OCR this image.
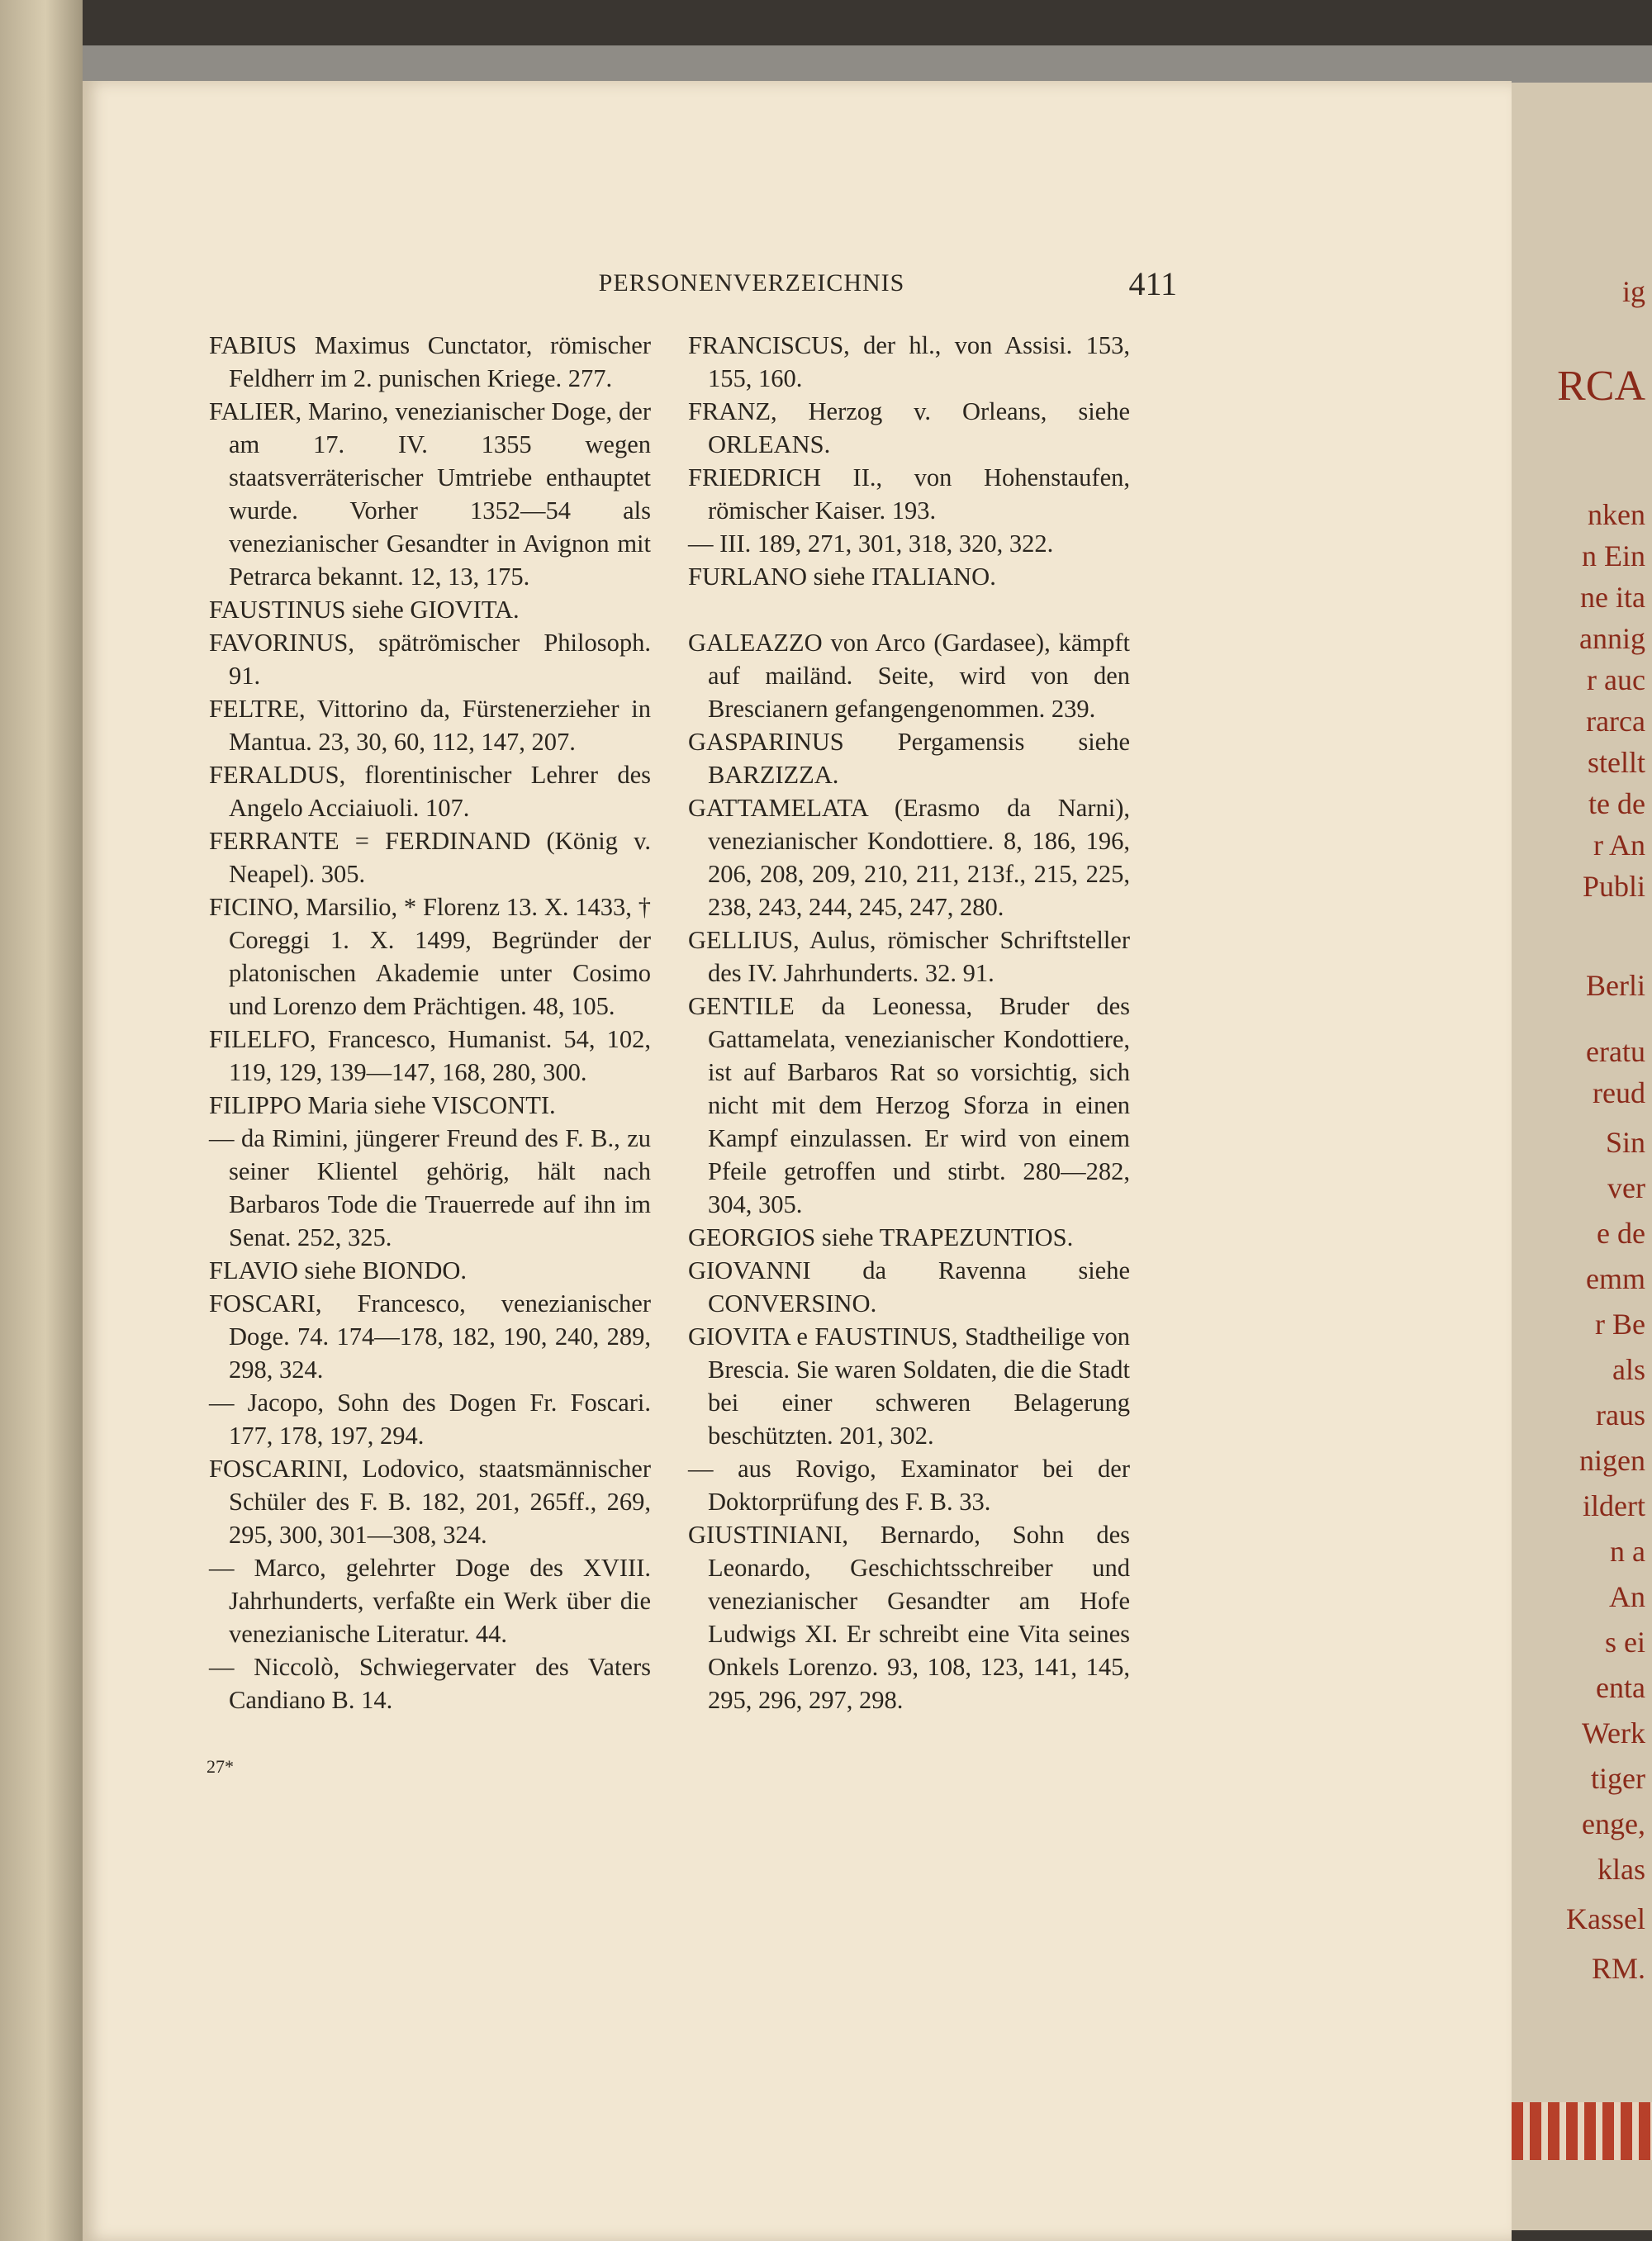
ig
RCA
nken
n Ein
ne ita
annig
r auc
rarca
stellt
te de
r An
Publi
Berli
eratu
reud
Sin
ver
e de
emm
r Be
als
raus
nigen
ildert
n a
An
s ei
enta
Werk
tiger
enge,
klas
Kassel
RM.
PERSONENVERZEICHNIS	411

FABIUS Maximus Cunctator, römischer Feldherr im 2. punischen Kriege. 277.

FALIER, Marino, venezianischer Doge, der am 17. IV. 1355 wegen staatsverräterischer Umtriebe enthauptet wurde. Vorher 1352—54 als venezianischer Gesandter in Avignon mit Petrarca bekannt. 12, 13, 175.

FAUSTINUS siehe GIOVITA.

FAVORINUS, spätrömischer Philosoph. 91.

FELTRE, Vittorino da, Fürstenerzieher in Mantua. 23, 30, 60, 112, 147, 207.

FERALDUS, florentinischer Lehrer des Angelo Acciaiuoli. 107.

FERRANTE = FERDINAND (König v. Neapel). 305.

FICINO, Marsilio, * Florenz 13. X. 1433, † Coreggi 1. X. 1499, Begründer der platonischen Akademie unter Cosimo und Lorenzo dem Prächtigen. 48, 105.

FILELFO, Francesco, Humanist. 54, 102, 119, 129, 139—147, 168, 280, 300.

FILIPPO Maria siehe VISCONTI.

— da Rimini, jüngerer Freund des F. B., zu seiner Klientel gehörig, hält nach Barbaros Tode die Trauerrede auf ihn im Senat. 252, 325.

FLAVIO siehe BIONDO.

FOSCARI, Francesco, venezianischer Doge. 74. 174—178, 182, 190, 240, 289, 298, 324.

— Jacopo, Sohn des Dogen Fr. Foscari. 177, 178, 197, 294.

FOSCARINI, Lodovico, staatsmännischer Schüler des F. B. 182, 201, 265ff., 269, 295, 300, 301—308, 324.

— Marco, gelehrter Doge des XVIII. Jahrhunderts, verfaßte ein Werk über die venezianische Literatur. 44.

— Niccolò, Schwiegervater des Vaters Candiano B. 14.

FRANCISCUS, der hl., von Assisi. 153, 155, 160.

FRANZ, Herzog v. Orleans, siehe ORLEANS.

FRIEDRICH II., von Hohenstaufen, römischer Kaiser. 193.

— III. 189, 271, 301, 318, 320, 322.

FURLANO siehe ITALIANO.

GALEAZZO von Arco (Gardasee), kämpft auf mailänd. Seite, wird von den Brescianern gefangengenommen. 239.

GASPARINUS Pergamensis siehe BARZIZZA.

GATTAMELATA (Erasmo da Narni), venezianischer Kondottiere. 8, 186, 196, 206, 208, 209, 210, 211, 213f., 215, 225, 238, 243, 244, 245, 247, 280.

GELLIUS, Aulus, römischer Schriftsteller des IV. Jahrhunderts. 32. 91.

GENTILE da Leonessa, Bruder des Gattamelata, venezianischer Kondottiere, ist auf Barbaros Rat so vorsichtig, sich nicht mit dem Herzog Sforza in einen Kampf einzulassen. Er wird von einem Pfeile getroffen und stirbt. 280—282, 304, 305.

GEORGIOS siehe TRAPEZUNTIOS.

GIOVANNI da Ravenna siehe CONVERSINO.

GIOVITA e FAUSTINUS, Stadtheilige von Brescia. Sie waren Soldaten, die die Stadt bei einer schweren Belagerung beschützten. 201, 302.

— aus Rovigo, Examinator bei der Doktorprüfung des F. B. 33.

GIUSTINIANI, Bernardo, Sohn des Leonardo, Geschichtsschreiber und venezianischer Gesandter am Hofe Ludwigs XI. Er schreibt eine Vita seines Onkels Lorenzo. 93, 108, 123, 141, 145, 295, 296, 297, 298.

27*
